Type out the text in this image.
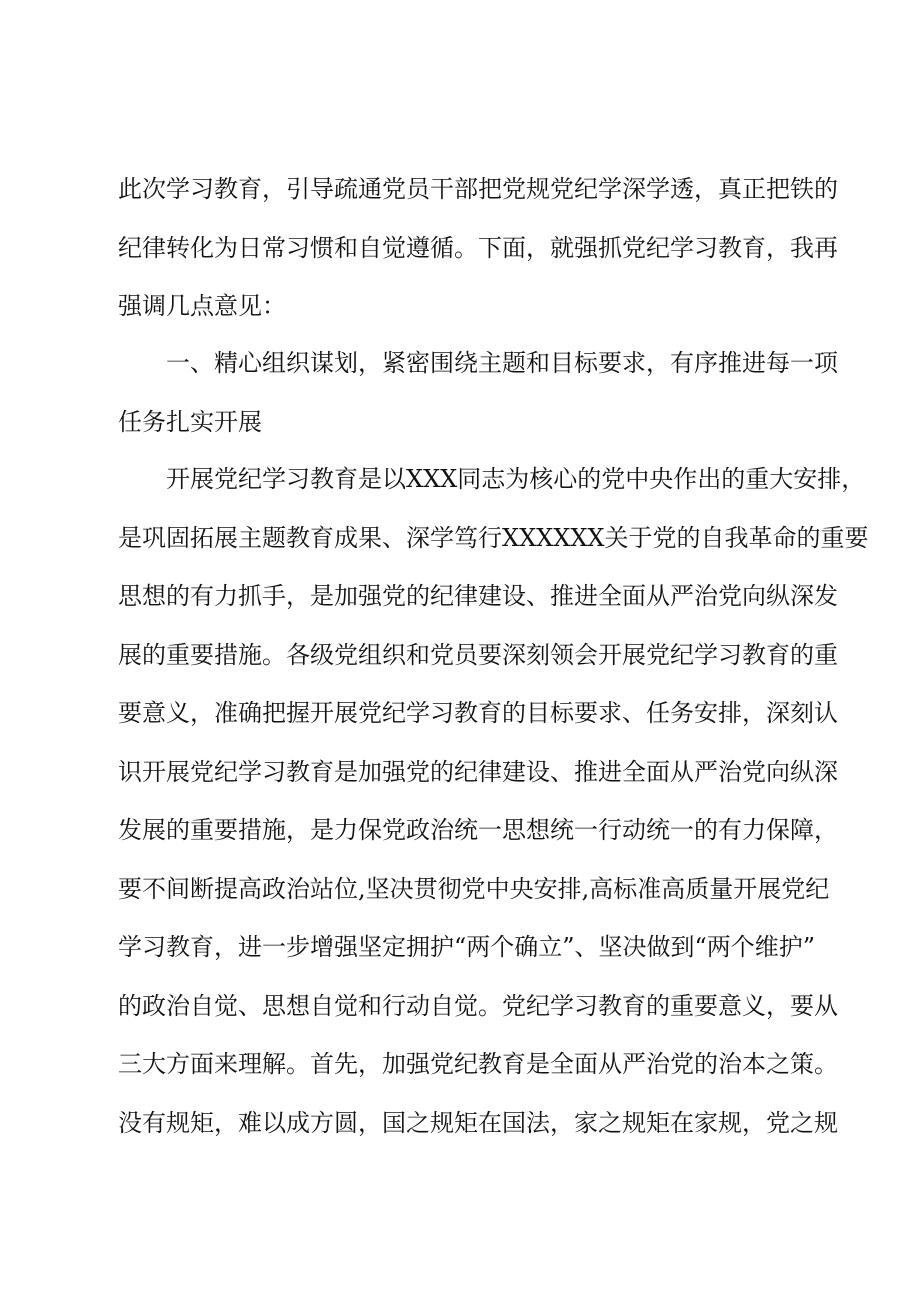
此次学习教育，引导疏通党员干部把党规党纪学深学透，真正把铁的
纪律转化为日常习惯和自觉遵循。下面，就强抓党纪学习教育，我再
强调几点意见：
一、精心组织谋划，紧密围绕主题和目标要求，有序推进每一项
任务扎实开展
开展党纪学习教育是以XXX同志为核心的党中央作出的重大安排，
是巩固拓展主题教育成果、深学笃行XXXXXX关于党的自我革命的重要
思想的有力抓手，是加强党的纪律建设、推进全面从严治党向纵深发
展的重要措施。各级党组织和党员要深刻领会开展党纪学习教育的重
要意义，准确把握开展党纪学习教育的目标要求、任务安排，深刻认
识开展党纪学习教育是加强党的纪律建设、推进全面从严治党向纵深
发展的重要措施，是力保党政治统一思想统一行动统一的有力保障，
要不间断提高政治站位,坚决贯彻党中央安排,高标准高质量开展党纪
学习教育，进一步增强坚定拥护“两个确立”、坚决做到“两个维护”
的政治自觉、思想自觉和行动自觉。党纪学习教育的重要意义，要从
三大方面来理解。首先，加强党纪教育是全面从严治党的治本之策。
没有规矩，难以成方圆，国之规矩在国法，家之规矩在家规，党之规
